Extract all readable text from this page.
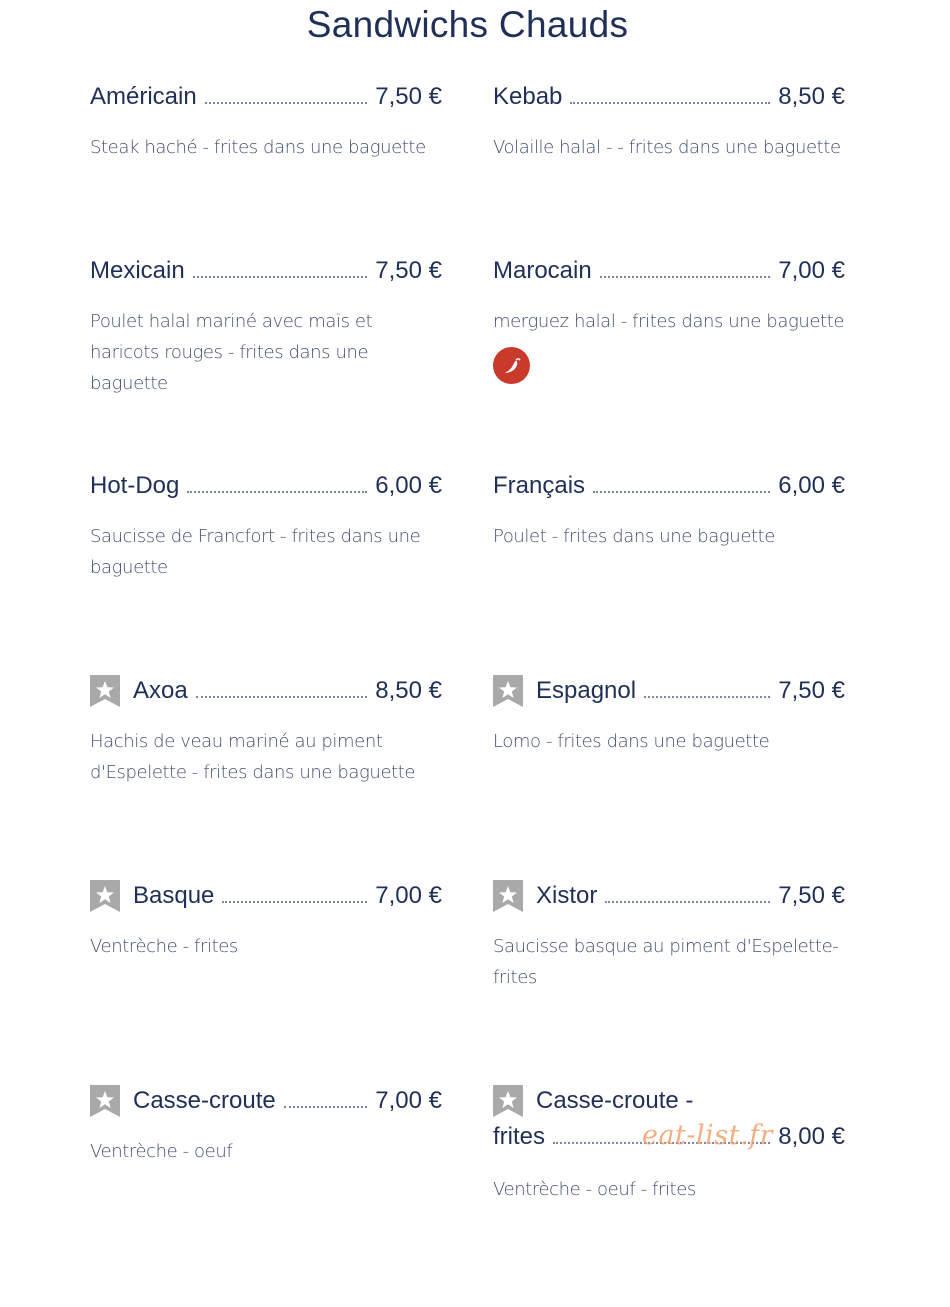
Sandwichs Chauds
Américain	7,50 €
Steak haché - frites dans une baguette
Kebab	8,50 €
Volaille halal - - frites dans une baguette
Mexicain	7,50 €
Poulet halal mariné avec maïs et haricots rouges - frites dans une baguette
Marocain	7,00 €
merguez halal - frites dans une baguette
Hot-Dog	6,00 €
Saucisse de Francfort - frites dans une baguette
Français	6,00 €
Poulet - frites dans une baguette
Axoa	8,50 €
Hachis de veau mariné au piment d'Espelette - frites dans une baguette
Espagnol	7,50 €
Lomo - frites dans une baguette
Basque	7,00 €
Ventrèche - frites
Xistor	7,50 €
Saucisse basque au piment d'Espelette- frites
Casse-croute	7,00 €
Ventrèche - oeuf
Casse-croute -
frites	8,00 €
eat-list.fr
Ventrèche - oeuf - frites
